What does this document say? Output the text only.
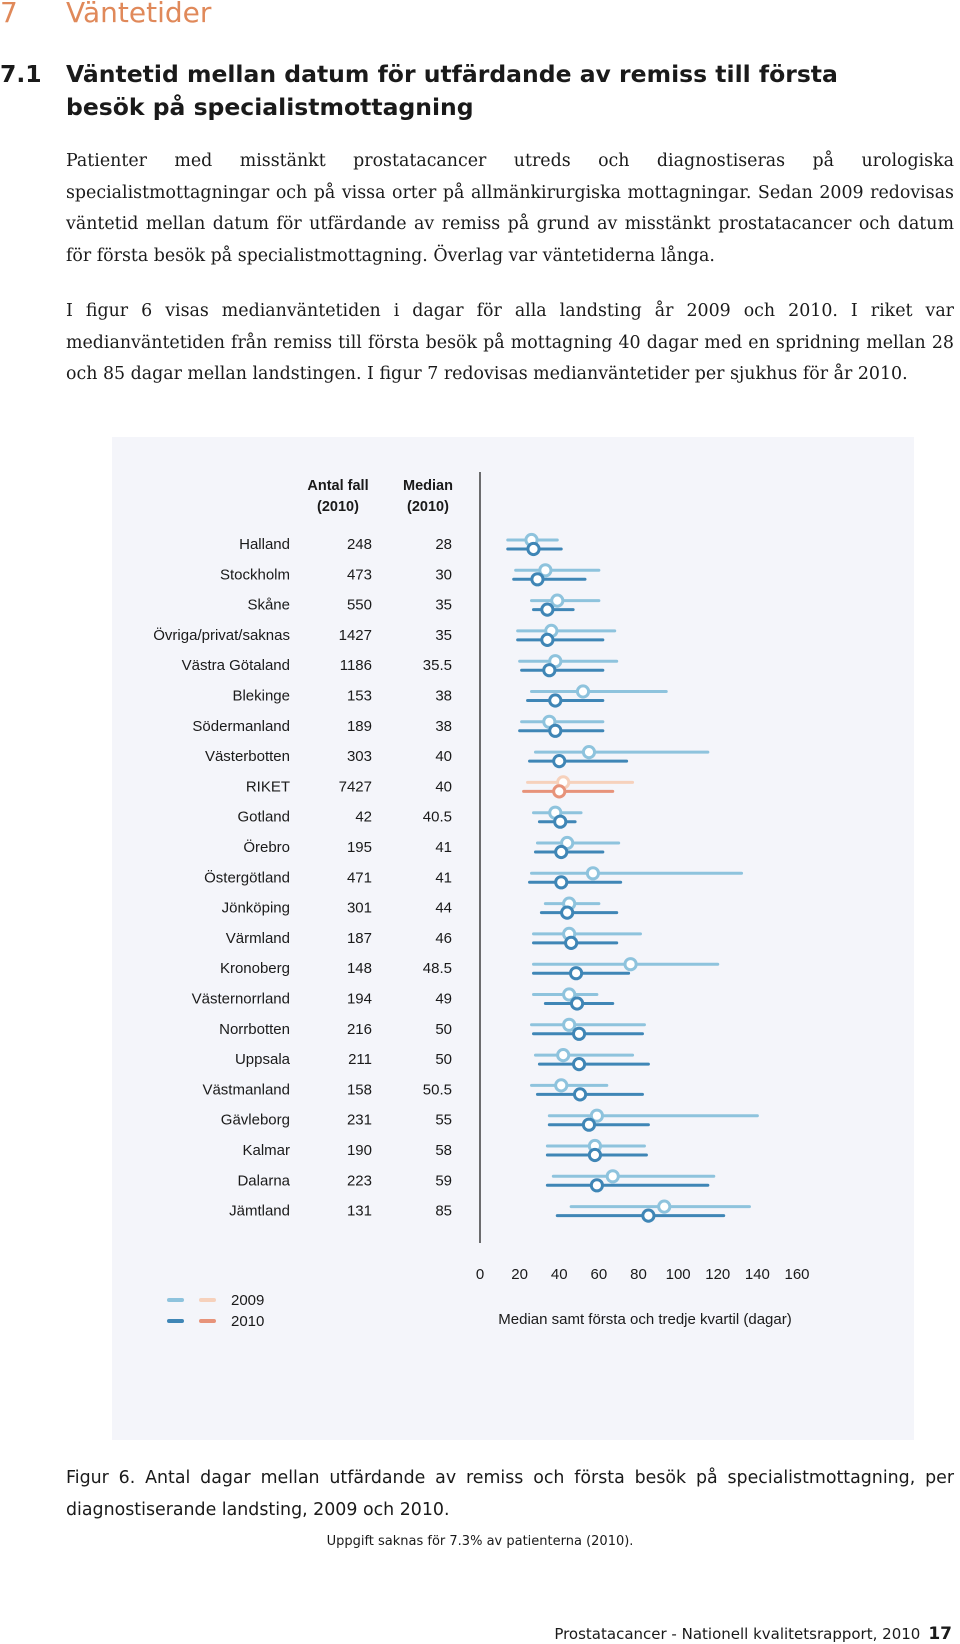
7 Väntetider
7.1 Väntetid mellan datum för utfärdande av remiss till första besök på specialistmottagning

Patienter med misstänkt prostatacancer utreds och diagnostiseras på urologiska specialistmottagningar och på vissa orter på allmänkirurgiska mottagningar. Sedan 2009 redovisas väntetid mellan datum för utfärdande av remiss på grund av misstänkt prostatacancer och datum för första besök på specialistmottagning. Överlag var väntetiderna långa.

I figur 6 visas medianväntetiden i dagar för alla landsting år 2009 och 2010. I riket var medianväntetiden från remiss till första besök på mottagning 40 dagar med en spridning mellan 28 och 85 dagar mellan landstingen. I figur 7 redovisas medianväntetider per sjukhus för år 2010.

Antal fall
(2010)
Median
(2010)
Halland	248	28
Stockholm	473	30
Skåne	550	35
Övriga/privat/saknas	1427	35
Västra Götaland	1186	35.5
Blekinge	153	38
Södermanland	189	38
Västerbotten	303	40
RIKET	7427	40
Gotland	42	40.5
Örebro	195	41
Östergötland	471	41
Jönköping	301	44
Värmland	187	46
Kronoberg	148	48.5
Västernorrland	194	49
Norrbotten	216	50
Uppsala	211	50
Västmanland	158	50.5
Gävleborg	231	55
Kalmar	190	58
Dalarna	223	59
Jämtland	131	85
0 20 40 60 80 100 120 140 160
Median samt första och tredje kvartil (dagar)
2009
2010

Figur 6. Antal dagar mellan utfärdande av remiss och första besök på specialistmottagning, per diagnostiserande landsting, 2009 och 2010.

Uppgift saknas för 7.3% av patienterna (2010).
Prostatacancer - Nationell kvalitetsrapport, 2010 17
